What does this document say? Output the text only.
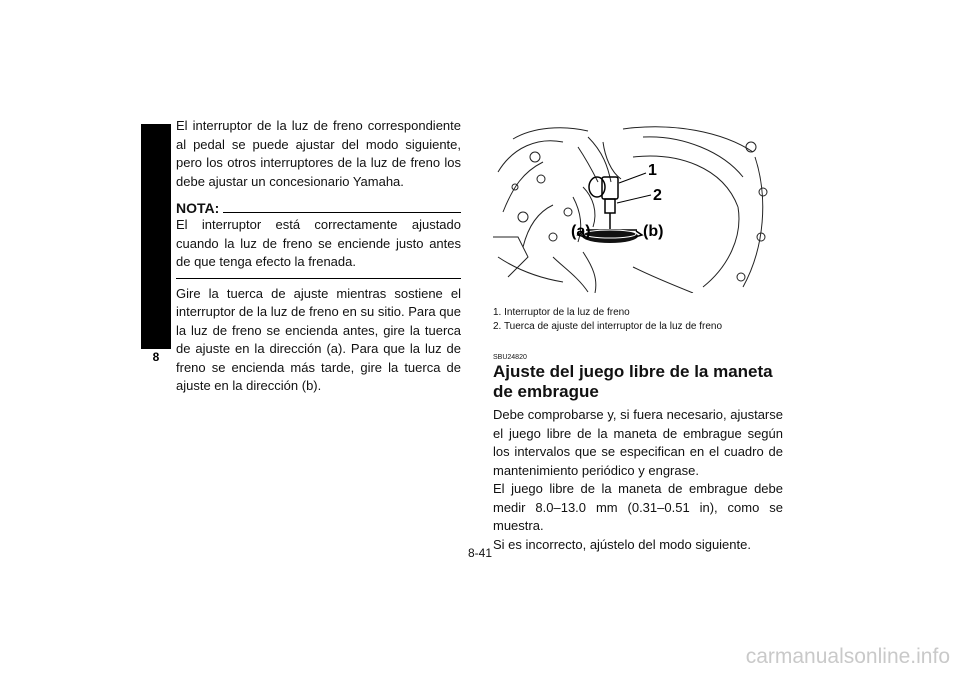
8

El interruptor de la luz de freno correspondiente al pedal se puede ajustar del modo siguiente, pero los otros interruptores de la luz de freno los debe ajustar un concesionario Yamaha.

NOTA:

El interruptor está correctamente ajustado cuando la luz de freno se enciende justo antes de que tenga efecto la frenada.

Gire la tuerca de ajuste mientras sostiene el interruptor de la luz de freno en su sitio. Para que la luz de freno se encienda antes, gire la tuerca de ajuste en la dirección (a). Para que la luz de freno se encienda más tarde, gire la tuerca de ajuste en la dirección (b).

1
2
(a)	(b)

1. Interruptor de la luz de freno

2. Tuerca de ajuste del interruptor de la luz de freno

SBU24820
Ajuste del juego libre de la maneta de embrague

Debe comprobarse y, si fuera necesario, ajustarse el juego libre de la maneta de embrague según los intervalos que se especifican en el cuadro de mantenimiento periódico y engrase.

El juego libre de la maneta de embrague debe medir 8.0–13.0 mm (0.31–0.51 in), como se muestra.

Si es incorrecto, ajústelo del modo siguiente.

8-41
carmanualsonline.info
